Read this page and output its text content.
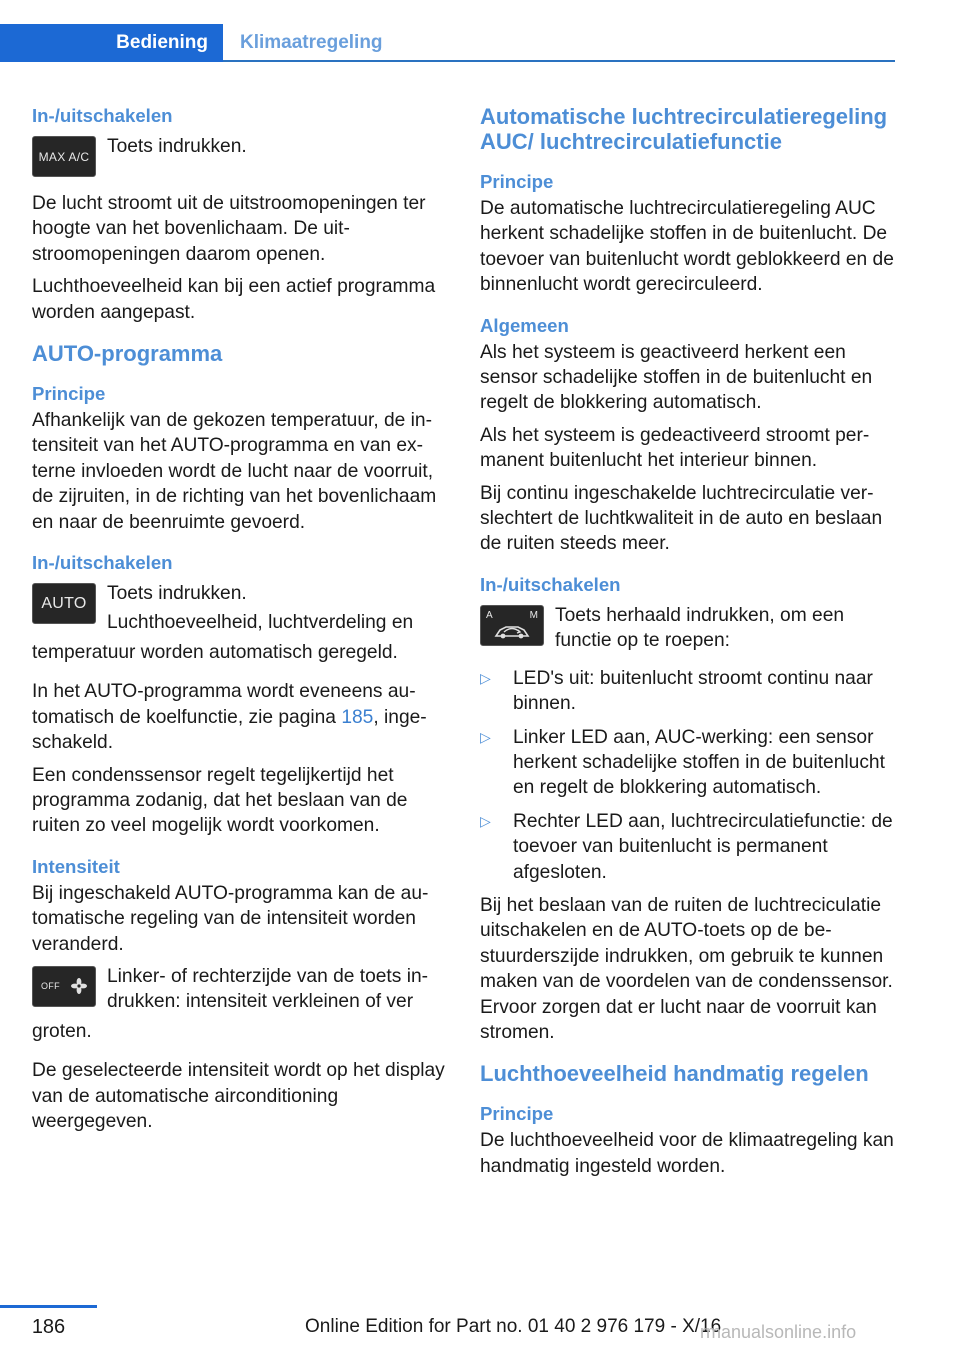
Bediening	Klimaatregeling
In-/uitschakelen
MAX A/C Toets indrukken.

De lucht stroomt uit de uitstroomopeningen ter hoogte van het bovenlichaam. De uitstroomopeningen daarom openen.

Luchthoeveelheid kan bij een actief programma worden aangepast.

AUTO-programma
Principe

Afhankelijk van de gekozen temperatuur, de intensiteit van het AUTO-programma en van externe invloeden wordt de lucht naar de voorruit, de zijruiten, in de richting van het bovenlichaam en naar de beenruimte gevoerd.

In-/uitschakelen
AUTO Toets indrukken.

Luchthoeveelheid, luchtverdeling en

temperatuur worden automatisch geregeld.

In het AUTO-programma wordt eveneens automatisch de koelfunctie, zie pagina 185, ingeschakeld.

Een condenssensor regelt tegelijkertijd het programma zodanig, dat het beslaan van de ruiten zo veel mogelijk wordt voorkomen.

Intensiteit

Bij ingeschakeld AUTO-programma kan de automatische regeling van de intensiteit worden veranderd.

OFF Linker- of rechterzijde van de toets indrukken: intensiteit verkleinen of ver

groten.

De geselecteerde intensiteit wordt op het display van de automatische airconditioning weergegeven.

Automatische luchtrecirculatieregeling AUC/ luchtrecirculatiefunctie
Principe

De automatische luchtrecirculatieregeling AUC herkent schadelijke stoffen in de buitenlucht. De toevoer van buitenlucht wordt geblokkeerd en de binnenlucht wordt gerecirculeerd.

Algemeen

Als het systeem is geactiveerd herkent een sensor schadelijke stoffen in de buitenlucht en regelt de blokkering automatisch.

Als het systeem is gedeactiveerd stroomt permanent buitenlucht het interieur binnen.

Bij continu ingeschakelde luchtrecirculatie verslechtert de luchtkwaliteit in de auto en beslaan de ruiten steeds meer.

In-/uitschakelen
A	M Toets herhaald indrukken, om een functie op te roepen:

▷ LED's uit: buitenlucht stroomt continu naar binnen.
▷ Linker LED aan, AUC-werking: een sensor herkent schadelijke stoffen in de buitenlucht en regelt de blokkering automatisch.
▷ Rechter LED aan, luchtrecirculatiefunctie: de toevoer van buitenlucht is permanent afgesloten.

Bij het beslaan van de ruiten de luchtreciculatie uitschakelen en de AUTO-toets op de bestuurderszijde indrukken, om gebruik te kunnen maken van de voordelen van de condenssensor. Ervoor zorgen dat er lucht naar de voorruit kan stromen.

Luchthoeveelheid handmatig regelen
Principe

De luchthoeveelheid voor de klimaatregeling kan handmatig ingesteld worden.

186	Online Edition for Part no. 01 40 2 976 179 - X/16
rmanualsonline.info
